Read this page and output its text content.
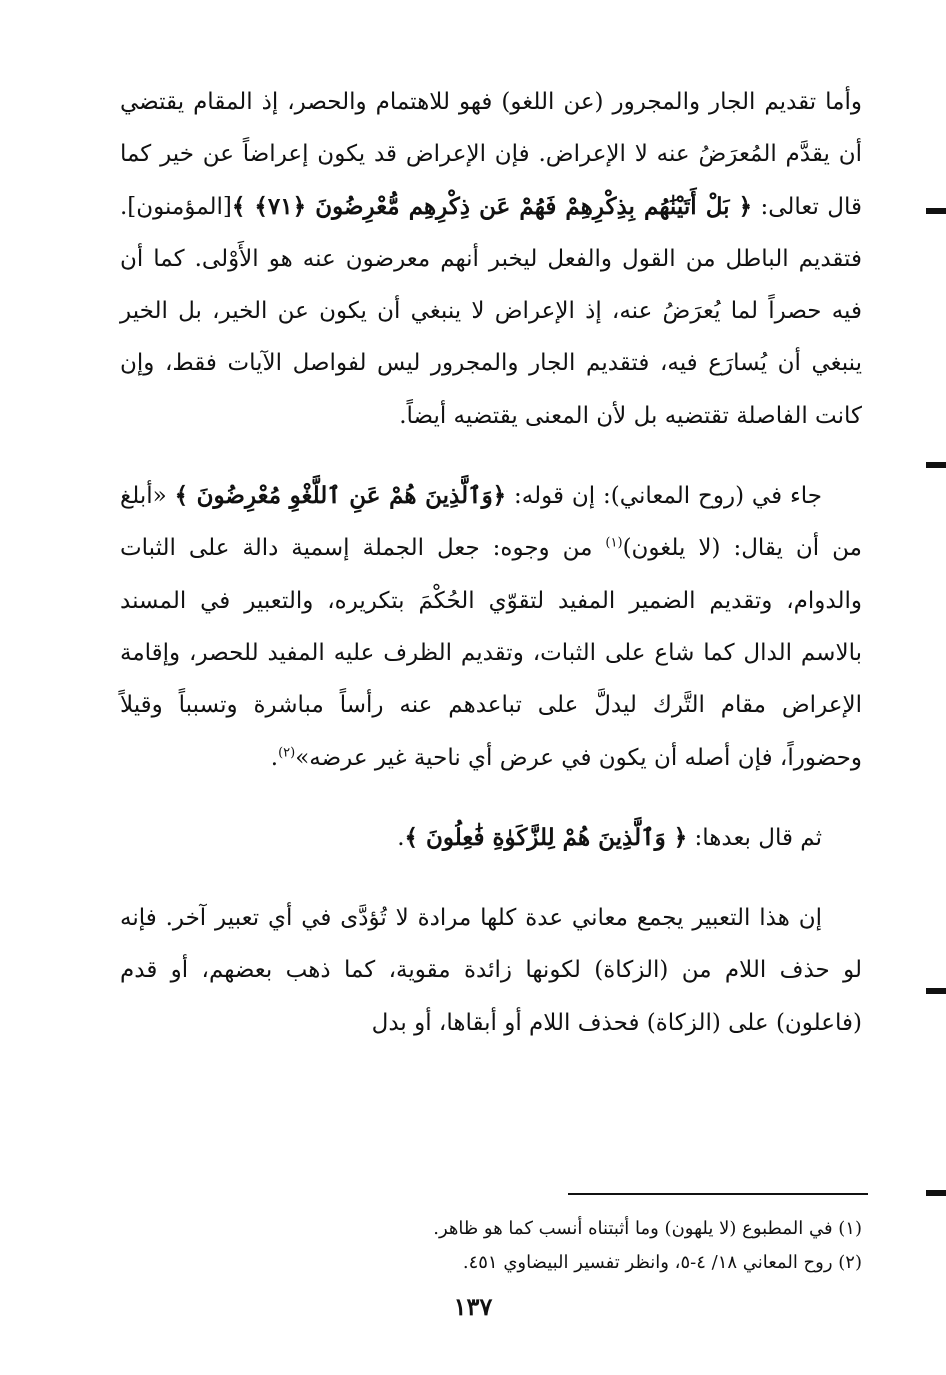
وأما تقديم الجار والمجرور (عن اللغو) فهو للاهتمام والحصر، إذ المقام يقتضي أن يقدَّم المُعرَضُ عنه لا الإعراض. فإن الإعراض قد يكون إعراضاً عن خير كما قال تعالى: ﴿ بَلْ أَتَيْنَٰهُم بِذِكْرِهِمْ فَهُمْ عَن ذِكْرِهِم مُّعْرِضُونَ ﴿٧١﴾ ﴾[المؤمنون]. فتقديم الباطل من القول والفعل ليخبر أنهم معرضون عنه هو الأَوْلى. كما أن فيه حصراً لما يُعرَضُ عنه، إذ الإعراض لا ينبغي أن يكون عن الخير، بل الخير ينبغي أن يُسارَع فيه، فتقديم الجار والمجرور ليس لفواصل الآيات فقط، وإن كانت الفاصلة تقتضيه بل لأن المعنى يقتضيه أيضاً.

جاء في (روح المعاني): إن قوله: ﴿وَٱلَّذِينَ هُمْ عَنِ ٱللَّغْوِ مُعْرِضُونَ ﴾ «أبلغ من أن يقال: (لا يلغون)$^{(١)}$ من وجوه: جعل الجملة إسمية دالة على الثبات والدوام، وتقديم الضمير المفيد لتقوّي الحُكْمَ بتكريره، والتعبير في المسند بالاسم الدال كما شاع على الثبات، وتقديم الظرف عليه المفيد للحصر، وإقامة الإعراض مقام التَّرك ليدلَّ على تباعدهم عنه رأساً مباشرة وتسبباً وقيلاً وحضوراً، فإن أصله أن يكون في عرض أي ناحية غير عرضه»$^{(٢)}$.

ثم قال بعدها: ﴿ وَٱلَّذِينَ هُمْ لِلزَّكَوٰةِ فَٰعِلُونَ ﴾.

إن هذا التعبير يجمع معاني عدة كلها مرادة لا تُؤدَّى في أي تعبير آخر. فإنه لو حذف اللام من (الزكاة) لكونها زائدة مقوية، كما ذهب بعضهم، أو قدم (فاعلون) على (الزكاة) فحذف اللام أو أبقاها، أو بدل

(١) في المطبوع (لا يلهون) وما أثبتناه أنسب كما هو ظاهر.

(٢) روح المعاني ١٨/ ٤-٥، وانظر تفسير البيضاوي ٤٥١.

١٣٧
